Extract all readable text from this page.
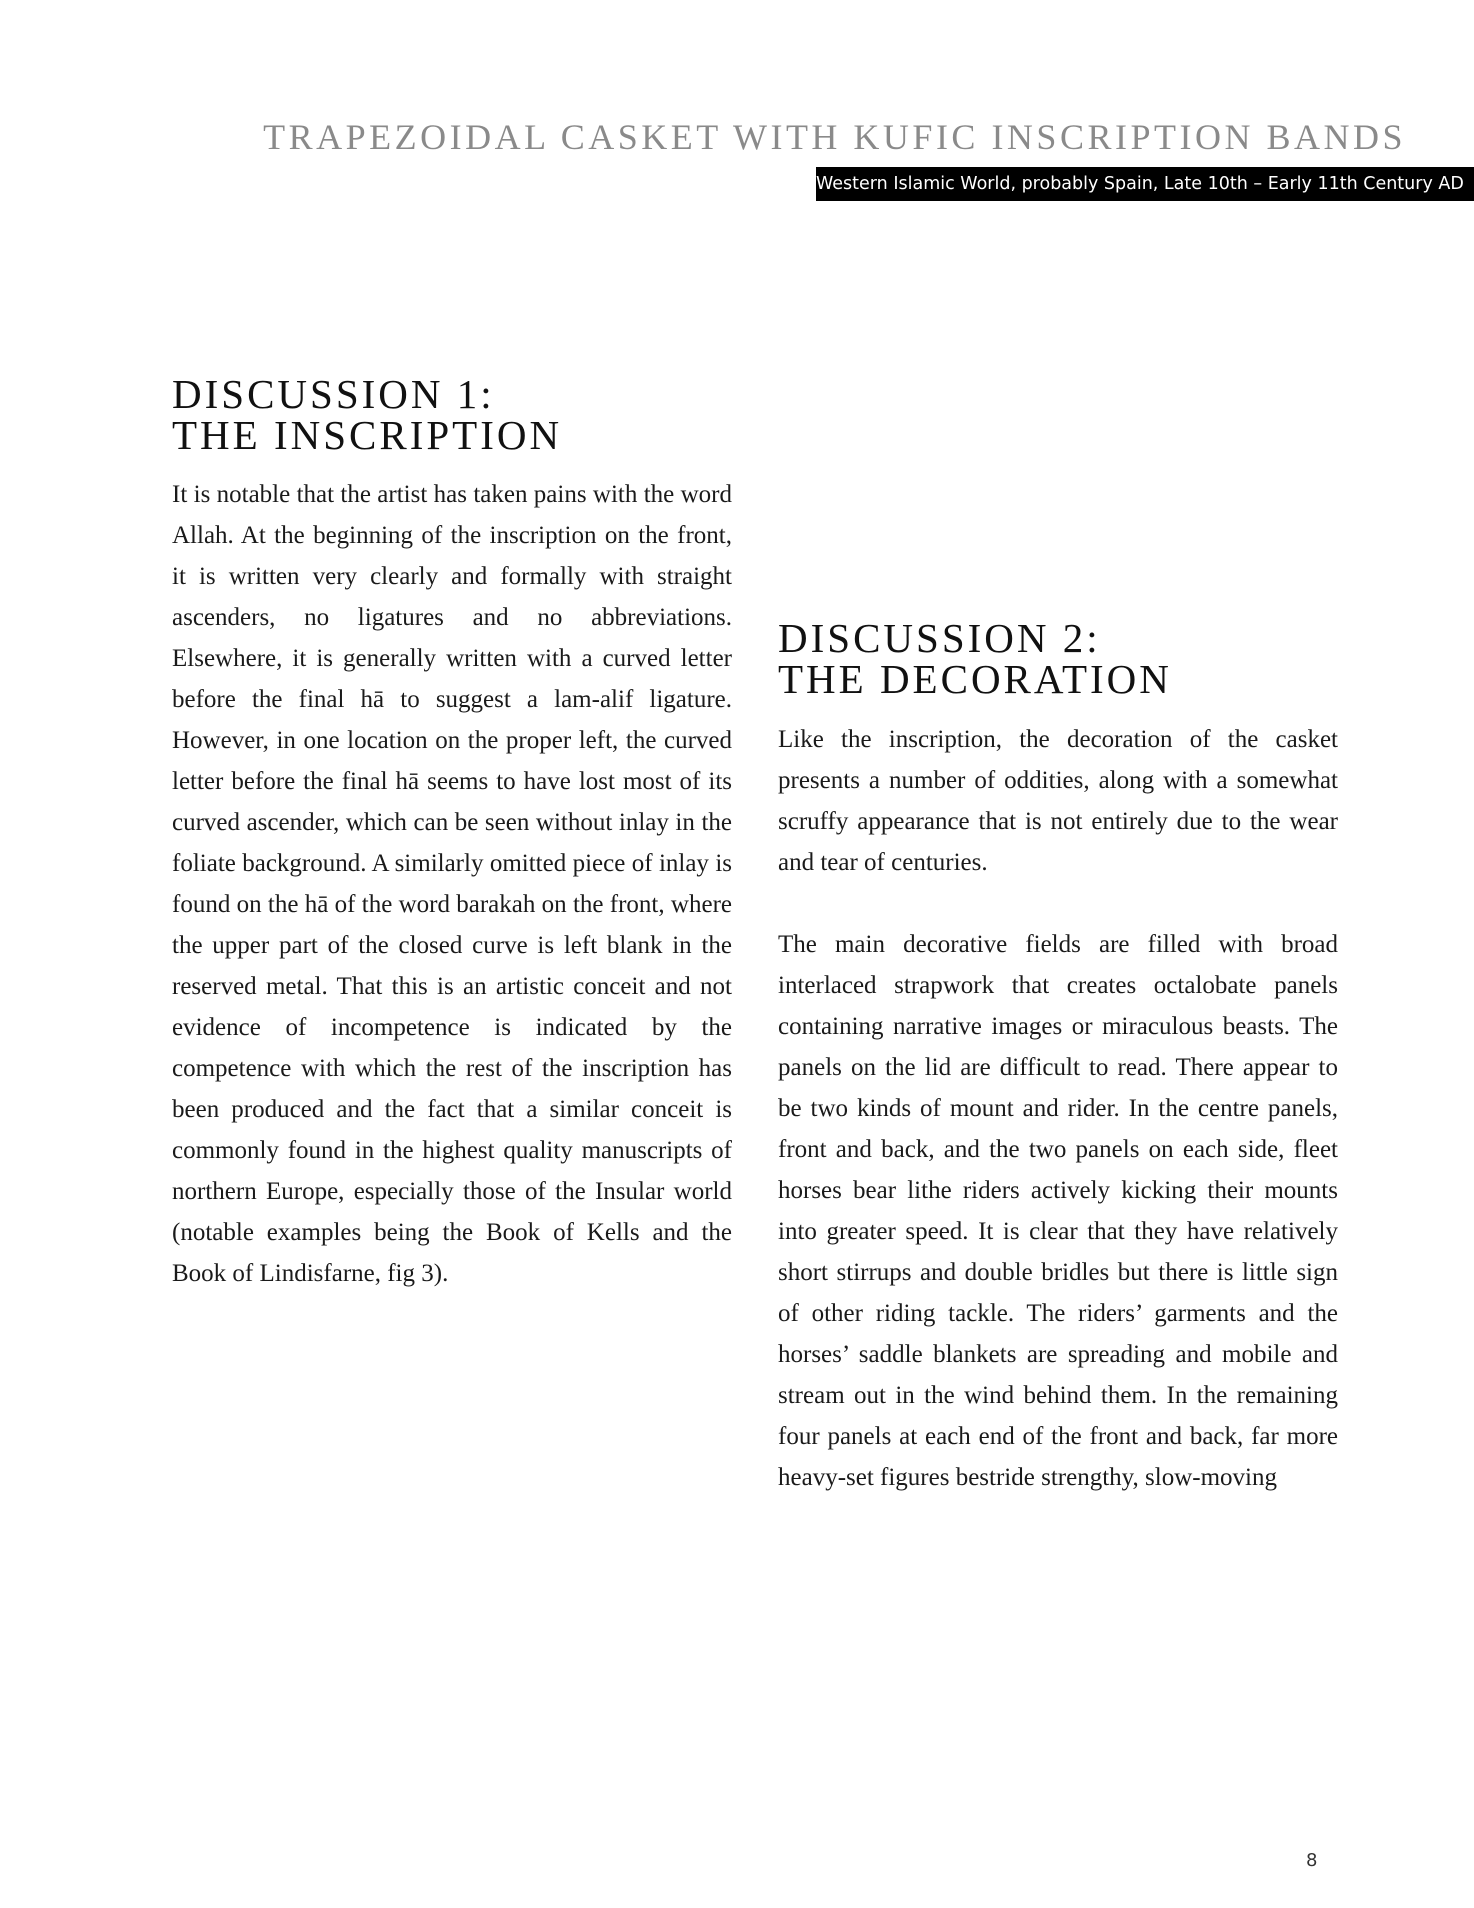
TRAPEZOIDAL CASKET WITH KUFIC INSCRIPTION BANDS
Western Islamic World, probably Spain, Late 10th – Early 11th Century AD
DISCUSSION 1:
THE INSCRIPTION

It is notable that the artist has taken pains with the word Allah. At the beginning of the inscription on the front, it is written very clearly and formally with straight ascenders, no ligatures and no abbreviations. Elsewhere, it is generally written with a curved letter before the final hā to suggest a lam-alif ligature. However, in one location on the proper left, the curved letter before the final hā seems to have lost most of its curved ascender, which can be seen without inlay in the foliate background. A similarly omitted piece of inlay is found on the hā of the word barakah on the front, where the upper part of the closed curve is left blank in the reserved metal. That this is an artistic conceit and not evidence of incompetence is indicated by the competence with which the rest of the inscription has been produced and the fact that a similar conceit is commonly found in the highest quality manuscripts of northern Europe, especially those of the Insular world (notable examples being the Book of Kells and the Book of Lindisfarne, fig 3).

DISCUSSION 2:
THE DECORATION

Like the inscription, the decoration of the casket presents a number of oddities, along with a somewhat scruffy appearance that is not entirely due to the wear and tear of centuries.

The main decorative fields are filled with broad interlaced strapwork that creates octalobate panels containing narrative images or miraculous beasts. The panels on the lid are difficult to read. There appear to be two kinds of mount and rider. In the centre panels, front and back, and the two panels on each side, fleet horses bear lithe riders actively kicking their mounts into greater speed. It is clear that they have relatively short stirrups and double bridles but there is little sign of other riding tackle. The riders’ garments and the horses’ saddle blankets are spreading and mobile and stream out in the wind behind them. In the remaining four panels at each end of the front and back, far more heavy-set figures bestride strengthy, slow-moving

8
